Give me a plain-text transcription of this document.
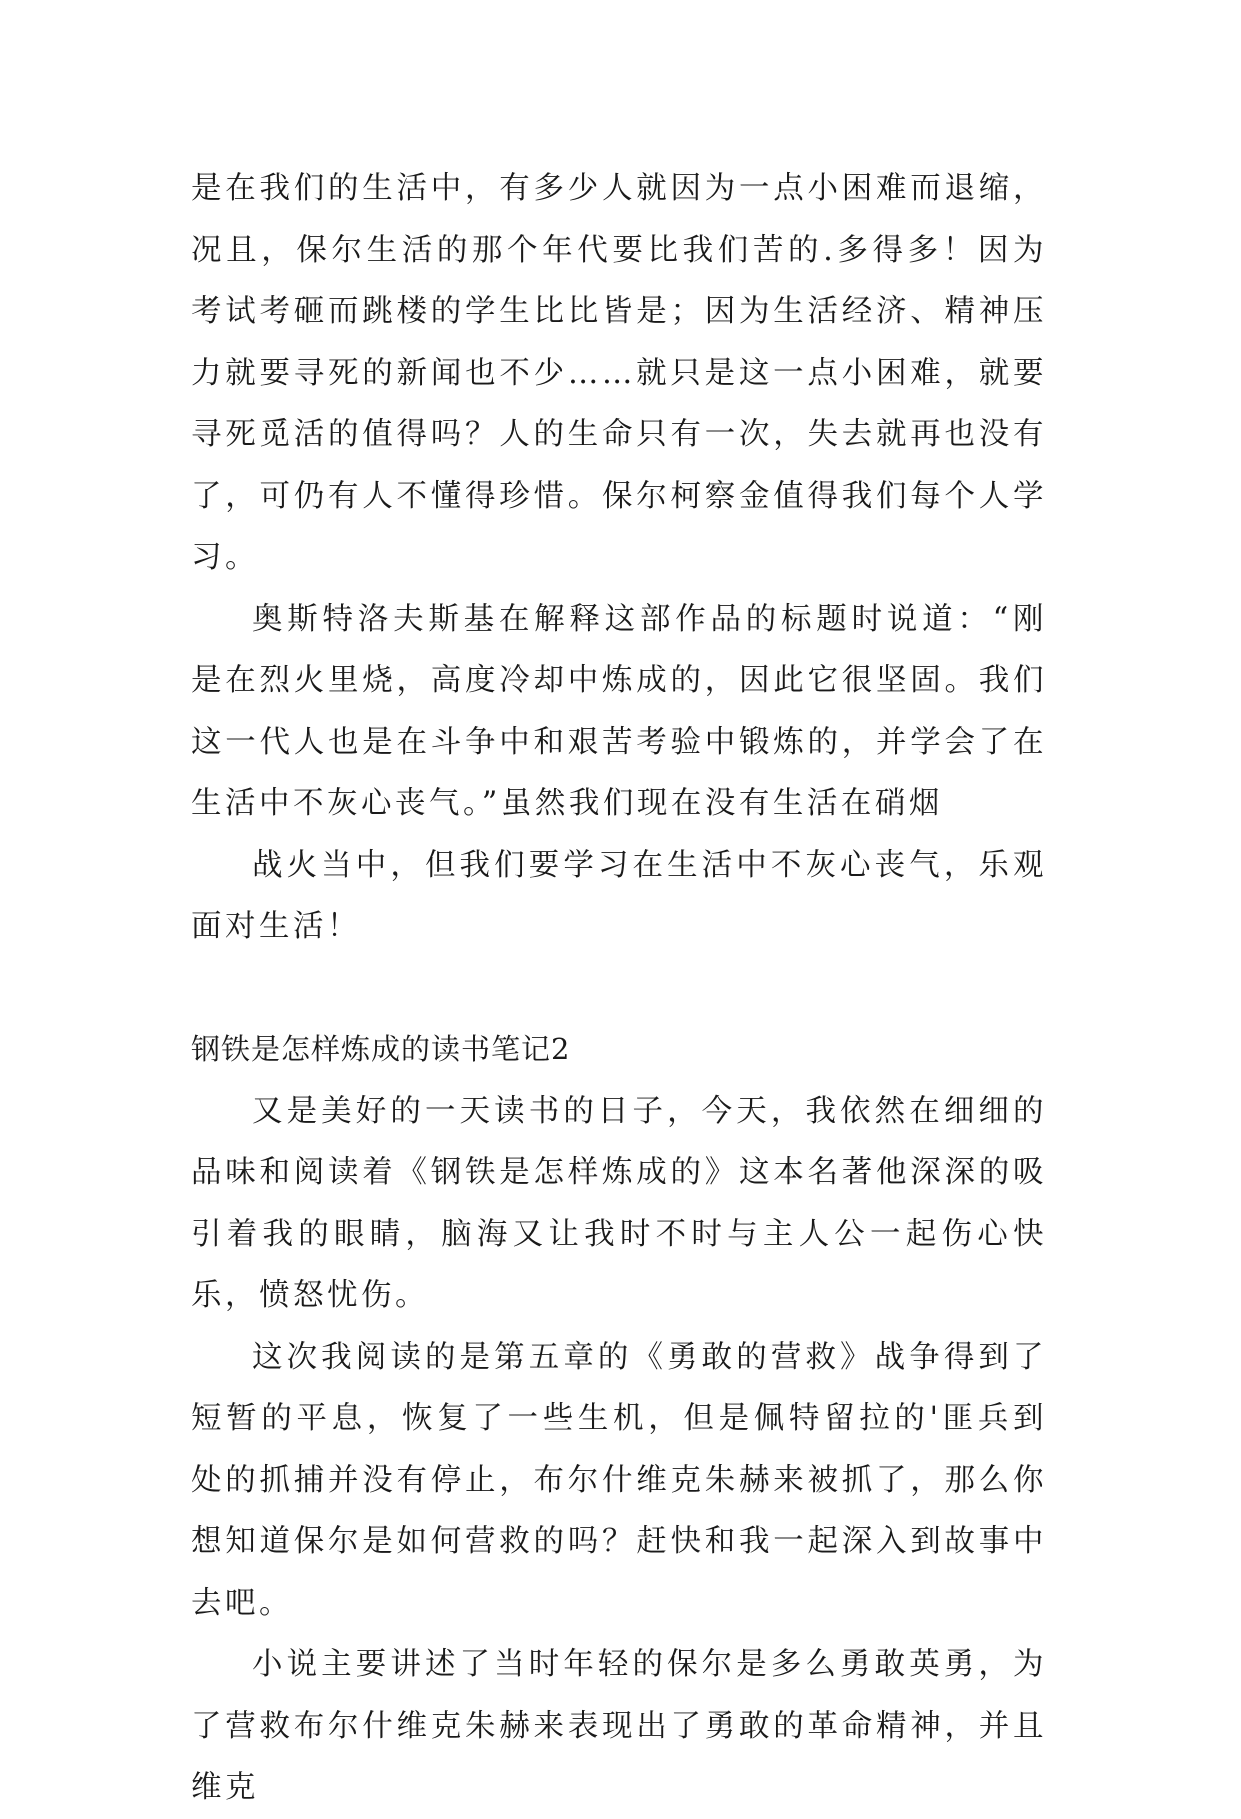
是在我们的生活中，有多少人就因为一点小困难而退缩，况且，保尔生活的那个年代要比我们苦的.多得多！因为考试考砸而跳楼的学生比比皆是；因为生活经济、精神压力就要寻死的新闻也不少……就只是这一点小困难，就要寻死觅活的值得吗？人的生命只有一次，失去就再也没有了，可仍有人不懂得珍惜。保尔柯察金值得我们每个人学习。

奥斯特洛夫斯基在解释这部作品的标题时说道：“刚是在烈火里烧，高度冷却中炼成的，因此它很坚固。我们这一代人也是在斗争中和艰苦考验中锻炼的，并学会了在生活中不灰心丧气。”虽然我们现在没有生活在硝烟

战火当中，但我们要学习在生活中不灰心丧气，乐观面对生活！

钢铁是怎样炼成的读书笔记2

又是美好的一天读书的日子，今天，我依然在细细的品味和阅读着《钢铁是怎样炼成的》这本名著他深深的吸引着我的眼睛，脑海又让我时不时与主人公一起伤心快乐，愤怒忧伤。

这次我阅读的是第五章的《勇敢的营救》战争得到了短暂的平息，恢复了一些生机，但是佩特留拉的'匪兵到处的抓捕并没有停止，布尔什维克朱赫来被抓了，那么你想知道保尔是如何营救的吗？赶快和我一起深入到故事中去吧。

小说主要讲述了当时年轻的保尔是多么勇敢英勇，为了营救布尔什维克朱赫来表现出了勇敢的革命精神，并且维克
